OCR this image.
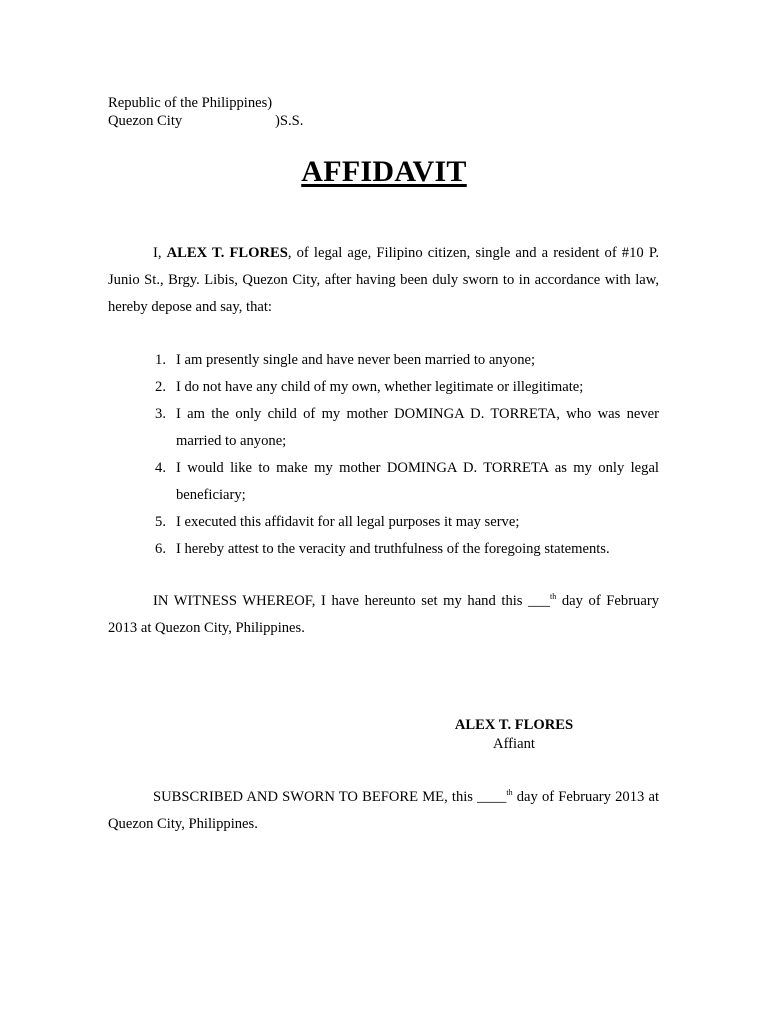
Republic of the Philippines)
Quezon City	)S.S.
AFFIDAVIT

I, ALEX T. FLORES, of legal age, Filipino citizen, single and a resident of #10 P. Junio St., Brgy. Libis, Quezon City, after having been duly sworn to in accordance with law, hereby depose and say, that:

1. I am presently single and have never been married to anyone;
2. I do not have any child of my own, whether legitimate or illegitimate;
3. I am the only child of my mother DOMINGA D. TORRETA, who was never married to anyone;
4. I would like to make my mother DOMINGA D. TORRETA as my only legal beneficiary;
5. I executed this affidavit for all legal purposes it may serve;
6. I hereby attest to the veracity and truthfulness of the foregoing statements.

IN WITNESS WHEREOF, I have hereunto set my hand this ___$^{th}$ day of February 2013 at Quezon City, Philippines.

ALEX T. FLORES
Affiant

SUBSCRIBED AND SWORN TO BEFORE ME, this ____$^{th}$ day of February 2013 at Quezon City, Philippines.
